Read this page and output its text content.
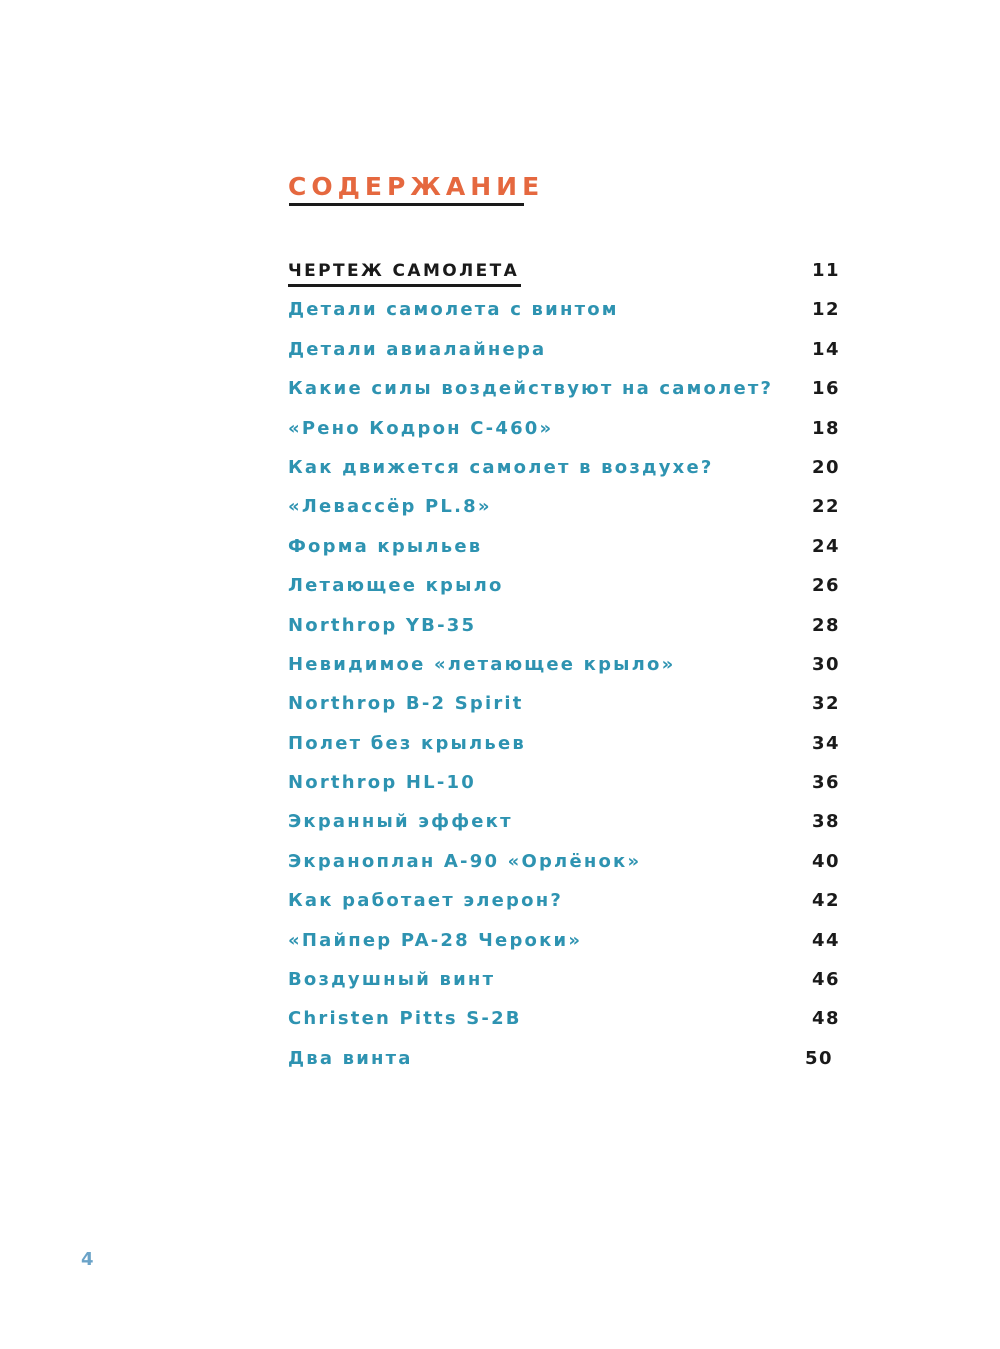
СОДЕРЖАНИЕ
ЧЕРТЕЖ САМОЛЕТА	11
Детали самолета с винтом	12
Детали авиалайнера	14
Какие силы воздействуют на самолет? 16
«Рено Кодрон С-460»	18
Как движется самолет в воздухе?	20
«Левассёр PL.8»	22
Форма крыльев	24
Летающее крыло	26
Northrop YB-35	28
Невидимое «летающее крыло»	30
Northrop B-2 Spirit	32
Полет без крыльев	34
Northrop HL-10	36
Экранный эффект	38
Экраноплан А-90 «Орлёнок»	40
Как работает элерон?	42
«Пайпер PA-28 Чероки»	44
Воздушный винт	46
Christen Pitts S-2B	48
Два винта	50
4
